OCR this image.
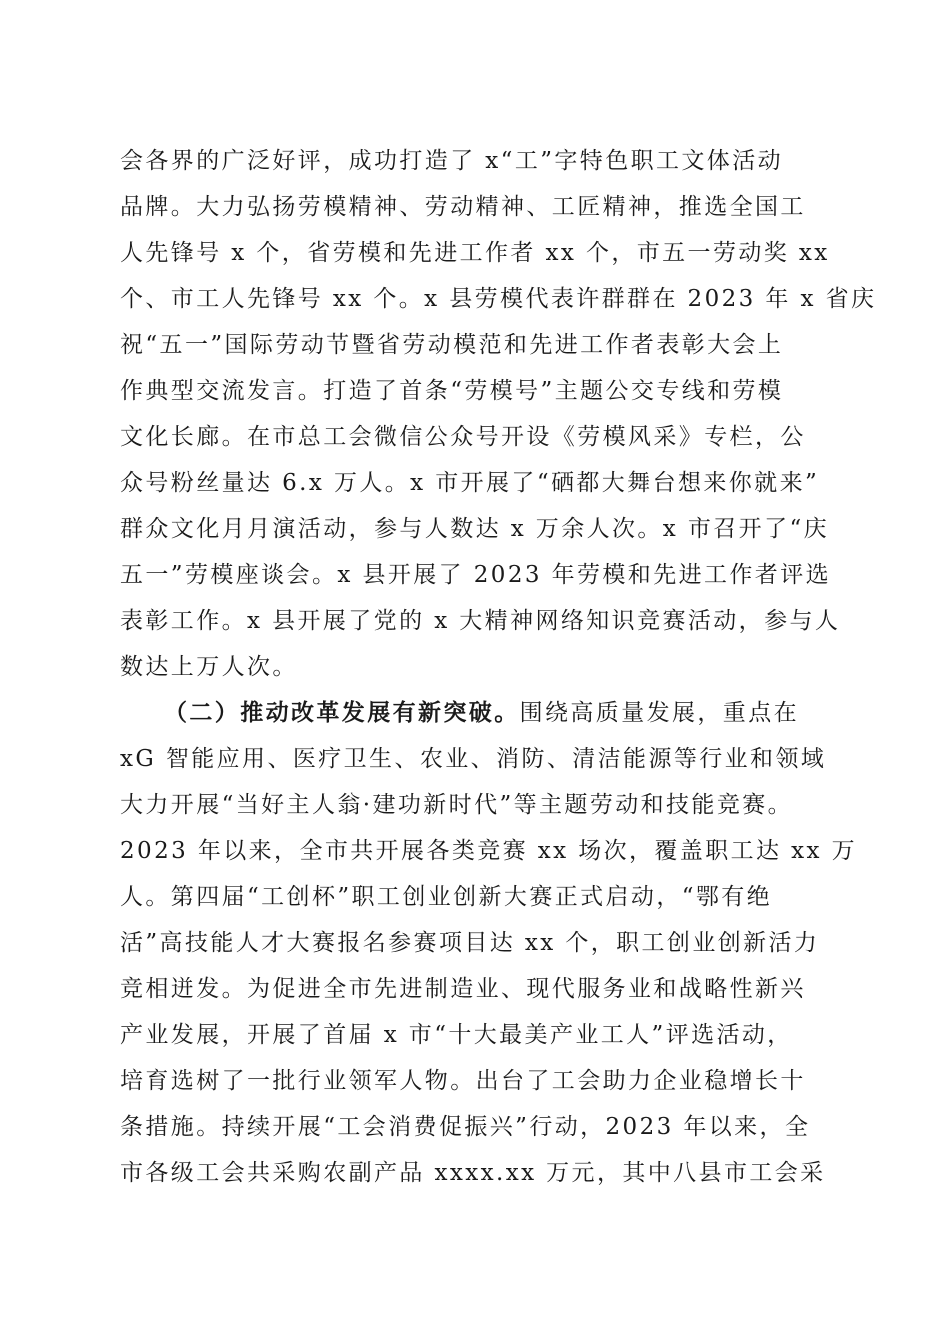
会各界的广泛好评，成功打造了 x“工”字特色职工文体活动
品牌。大力弘扬劳模精神、劳动精神、工匠精神，推选全国工
人先锋号 x 个，省劳模和先进工作者 xx 个，市五一劳动奖 xx
个、市工人先锋号 xx 个。x 县劳模代表许群群在 2023 年 x 省庆
祝“五一”国际劳动节暨省劳动模范和先进工作者表彰大会上
作典型交流发言。打造了首条“劳模号”主题公交专线和劳模
文化长廊。在市总工会微信公众号开设《劳模风采》专栏，公
众号粉丝量达 6.x 万人。x 市开展了“硒都大舞台想来你就来”
群众文化月月演活动，参与人数达 x 万余人次。x 市召开了“庆
五一”劳模座谈会。x 县开展了 2023 年劳模和先进工作者评选
表彰工作。x 县开展了党的 x 大精神网络知识竞赛活动，参与人
数达上万人次。
（二）推动改革发展有新突破。围绕高质量发展，重点在
xG 智能应用、医疗卫生、农业、消防、清洁能源等行业和领域
大力开展“当好主人翁·建功新时代”等主题劳动和技能竞赛。
2023 年以来，全市共开展各类竞赛 xx 场次，覆盖职工达 xx 万
人。第四届“工创杯”职工创业创新大赛正式启动，“鄂有绝
活”高技能人才大赛报名参赛项目达 xx 个，职工创业创新活力
竞相迸发。为促进全市先进制造业、现代服务业和战略性新兴
产业发展，开展了首届 x 市“十大最美产业工人”评选活动，
培育选树了一批行业领军人物。出台了工会助力企业稳增长十
条措施。持续开展“工会消费促振兴”行动，2023 年以来，全
市各级工会共采购农副产品 xxxx.xx 万元，其中八县市工会采
